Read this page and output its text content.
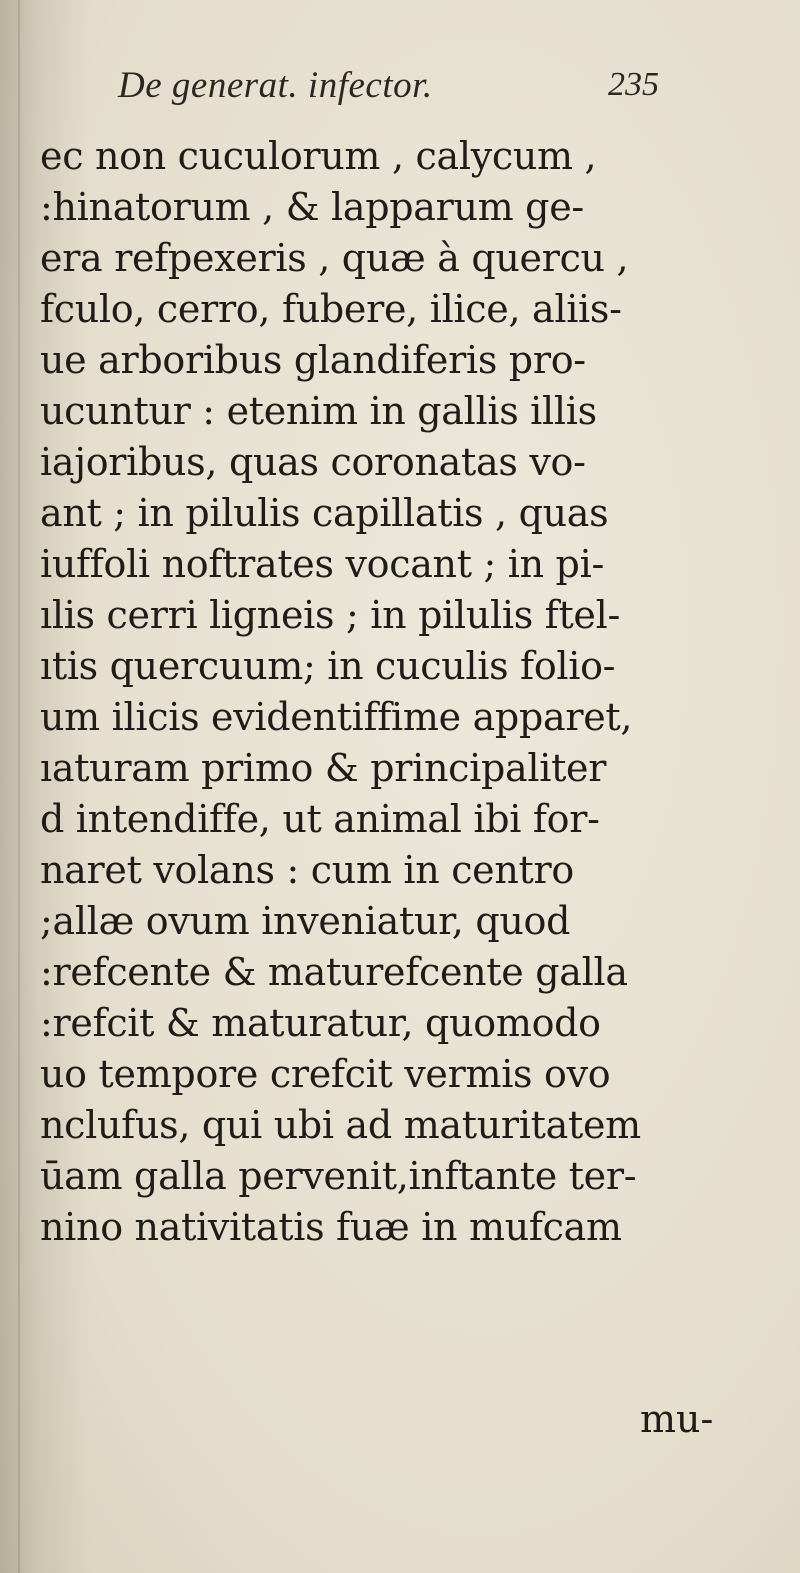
De generat. infector.	235
ec non cuculorum , calycum ,
:hinatorum , & lapparum ge-
era refpexeris , quæ à quercu ,
fculo, cerro, fubere, ilice, aliis-
ue arboribus glandiferis pro-
ucuntur : etenim in gallis illis
iajoribus, quas coronatas vo-
ant ; in pilulis capillatis , quas
iuffoli noftrates vocant ; in pi-
ılis cerri ligneis ; in pilulis ftel-
ıtis quercuum; in cuculis folio-
um ilicis evidentiffime apparet,
ıaturam primo & principaliter
d intendiffe, ut animal ibi for-
naret volans : cum in centro
;allæ ovum inveniatur, quod
:refcente & maturefcente galla
:refcit & maturatur, quomodo
uo tempore crefcit vermis ovo
nclufus, qui ubi ad maturitatem
ūam galla pervenit,inftante ter-
nino nativitatis fuæ in mufcam
mu-
